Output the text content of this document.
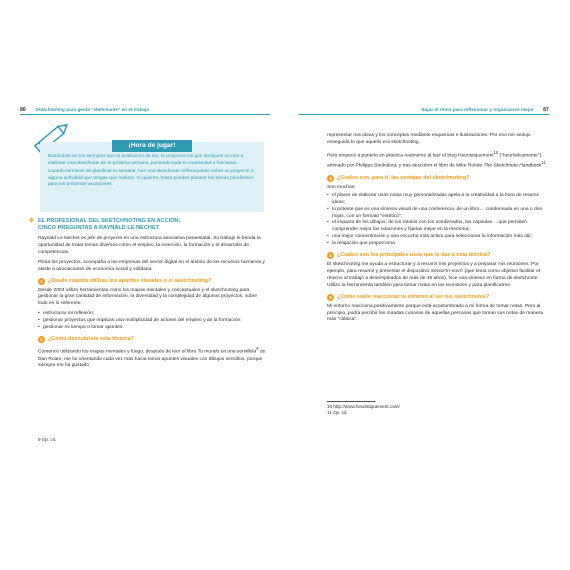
86 Sketchnoting para gente "sketchante" en el trabajo
¡Hora de jugar!

Basándote en los ejemplos que te acabamos de dar, te proponemos que dediques un rato a elaborar una sketchnote de tu próxima semana, poniendo toda tu creatividad a funcionar.

Cuando termines de planificar tu semana, haz una sketchnote reflexionando sobre un proyecto o alguna actividad que tengas que realizar. Si quieres, hasta puedes planear las tareas pendientes para tus próximas vacaciones.

✲ EL PROFESIONAL DEL SKETCHNOTING EN ACCIÓN:
CINCO PREGUNTAS A RAYNALD LE NECHET

Raynald Le Nechet es jefe de proyecto en una estructura asociativa paraestatal. Su trabajo le brinda la oportunidad de tratar temas diversos como el empleo, la inserción, la formación y el desarrollo de competencias.

Pilota los proyectos, acompaña a las empresas del sector digital en el ámbito de los recursos humanos y asiste a asociaciones de economía social y solidaria.

1 ¿Desde cuándo utilizas los apuntes visuales o el sketchnoting?

Desde 2003 utilizo herramientas como los mapas mentales y conceptuales y el sketchnoting para gestionar la gran cantidad de información, la diversidad y la complejidad de algunos proyectos, sobre todo en lo referente:

• estructurar mi reflexión;
• gestionar proyectos que implican una multiplicidad de actores del empleo y de la formación;
• gestionar mi tiempo o tomar apuntes.
2 ¿Cómo descubriste esta técnica?

Comencé utilizando los mapas mentales y luego, después de leer el libro Tu mundo en una servilleta$^9$ de Dan Roam, me fui orientando cada vez más hacia tomar apuntes visuales con dibujos sencillos, porque siempre me ha gustado

9 Op. cit.
Bajar el ritmo para reflexionar y organizarse mejor 87

representar mis ideas y los conceptos mediante esquemas e ilustraciones. Por eso me sedujo enseguida lo que aquello era sketchnoting.

Pero empecé a ponerlo en práctica realmente al leer el blog Heuristiquement$^{10}$ ("heurísticamente"), animado por Philippe Boukobza, y tras descubrir el libro de Mike Rohde The Sketchnote Handbook$^{11}$.

3 ¿Cuáles son, para ti, las ventajas del sketchnoting?

Son muchas:

• el placer de elaborar unas notas muy personalizadas apela a la creatividad a la hora de resumir ideas;
• lo potente que es una síntesis visual de una conferencia, de un libro… condensada en una o dos hojas, con un formato "estético";
• el impacto de los dibujos, de los rótulos con los sombreados, las cápsulas… que permiten comprender mejor las relaciones y fijarlas mejor en la memoria;
• una mejor concentración y una escucha más activa para seleccionar la información más útil;
• la relajación que proporciona.
4 ¿Cuáles son los principales usos que le das a esta técnica?

El sketchnoting me ayuda a estructurar y a resumir mis proyectos y a preparar mis reuniones. Por ejemplo, para resumir y presentar el dispositivo Senior'In-nov© (que tenía como objetivo facilitar el retorno al trabajo a desempleados de más de 45 años), hice una síntesis en forma de sketchnote. Utilizo la herramienta también para tomar notas en las reuniones y para planificarme.

5 ¿Cómo suele reaccionar tu entorno al ver tus sketchnotes?

Mi entorno reacciona positivamente porque está acostumbrado a mi forma de tomar notas. Pero al principio, podía percibir las miradas curiosas de aquellas personas que toman sus notas de manera más "clásica".

10 http://www.heuristiquement.com/
11 Op. cit.
